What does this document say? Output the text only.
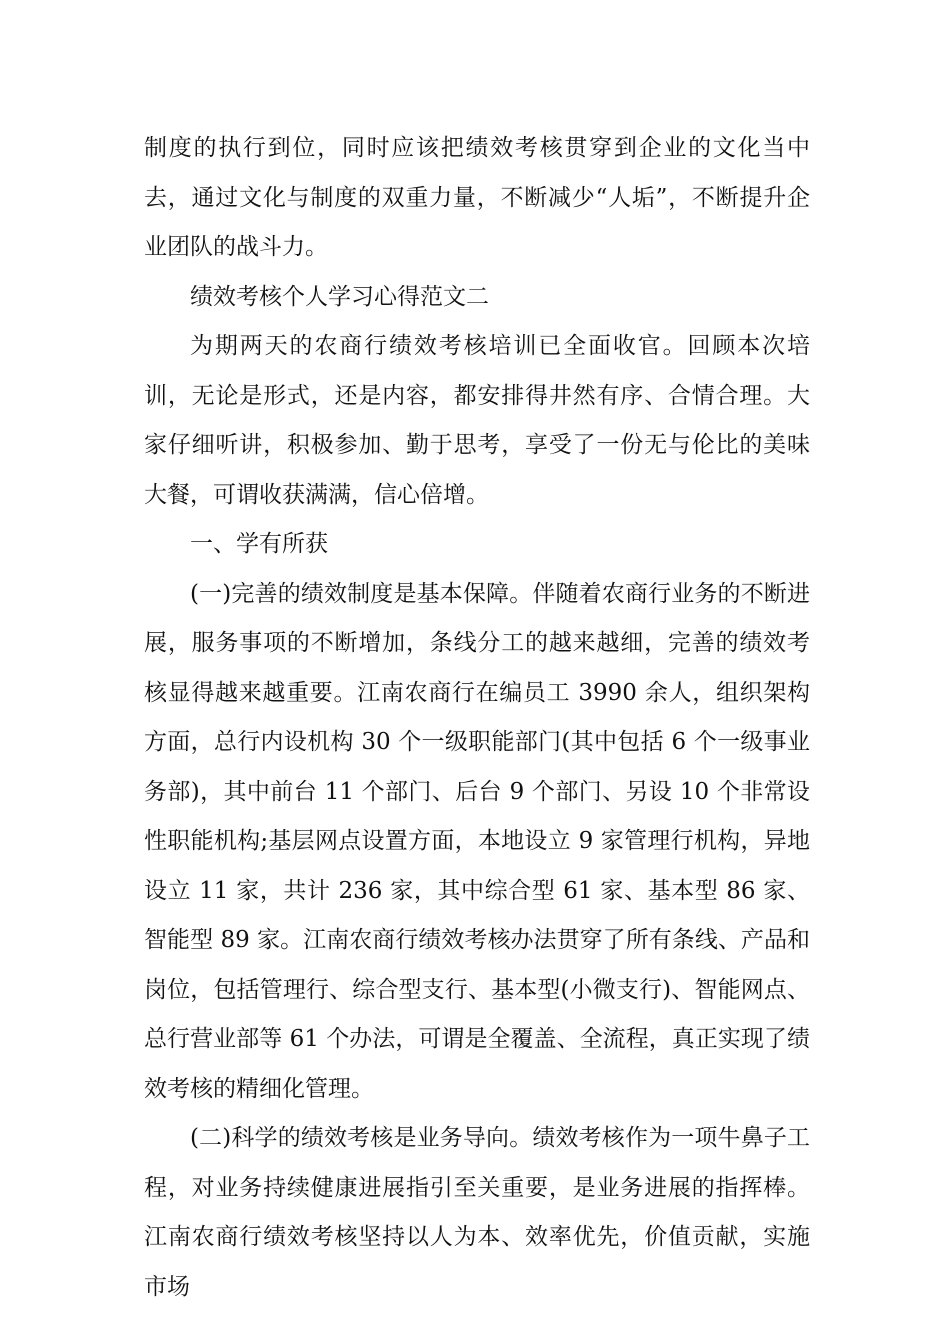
制度的执行到位，同时应该把绩效考核贯穿到企业的文化当中去，通过文化与制度的双重力量，不断减少“人垢”，不断提升企业团队的战斗力。

绩效考核个人学习心得范文二

为期两天的农商行绩效考核培训已全面收官。回顾本次培训，无论是形式，还是内容，都安排得井然有序、合情合理。大家仔细听讲，积极参加、勤于思考，享受了一份无与伦比的美味大餐，可谓收获满满，信心倍增。

一、学有所获

(一)完善的绩效制度是基本保障。伴随着农商行业务的不断进展，服务事项的不断增加，条线分工的越来越细，完善的绩效考核显得越来越重要。江南农商行在编员工 3990 余人，组织架构方面，总行内设机构 30 个一级职能部门(其中包括 6 个一级事业务部)，其中前台 11 个部门、后台 9 个部门、另设 10 个非常设性职能机构;基层网点设置方面，本地设立 9 家管理行机构，异地设立 11 家，共计 236 家，其中综合型 61 家、基本型 86 家、智能型 89 家。江南农商行绩效考核办法贯穿了所有条线、产品和岗位，包括管理行、综合型支行、基本型(小微支行)、智能网点、总行营业部等 61 个办法，可谓是全覆盖、全流程，真正实现了绩效考核的精细化管理。

(二)科学的绩效考核是业务导向。绩效考核作为一项牛鼻子工程，对业务持续健康进展指引至关重要，是业务进展的指挥棒。江南农商行绩效考核坚持以人为本、效率优先，价值贡献，实施市场
